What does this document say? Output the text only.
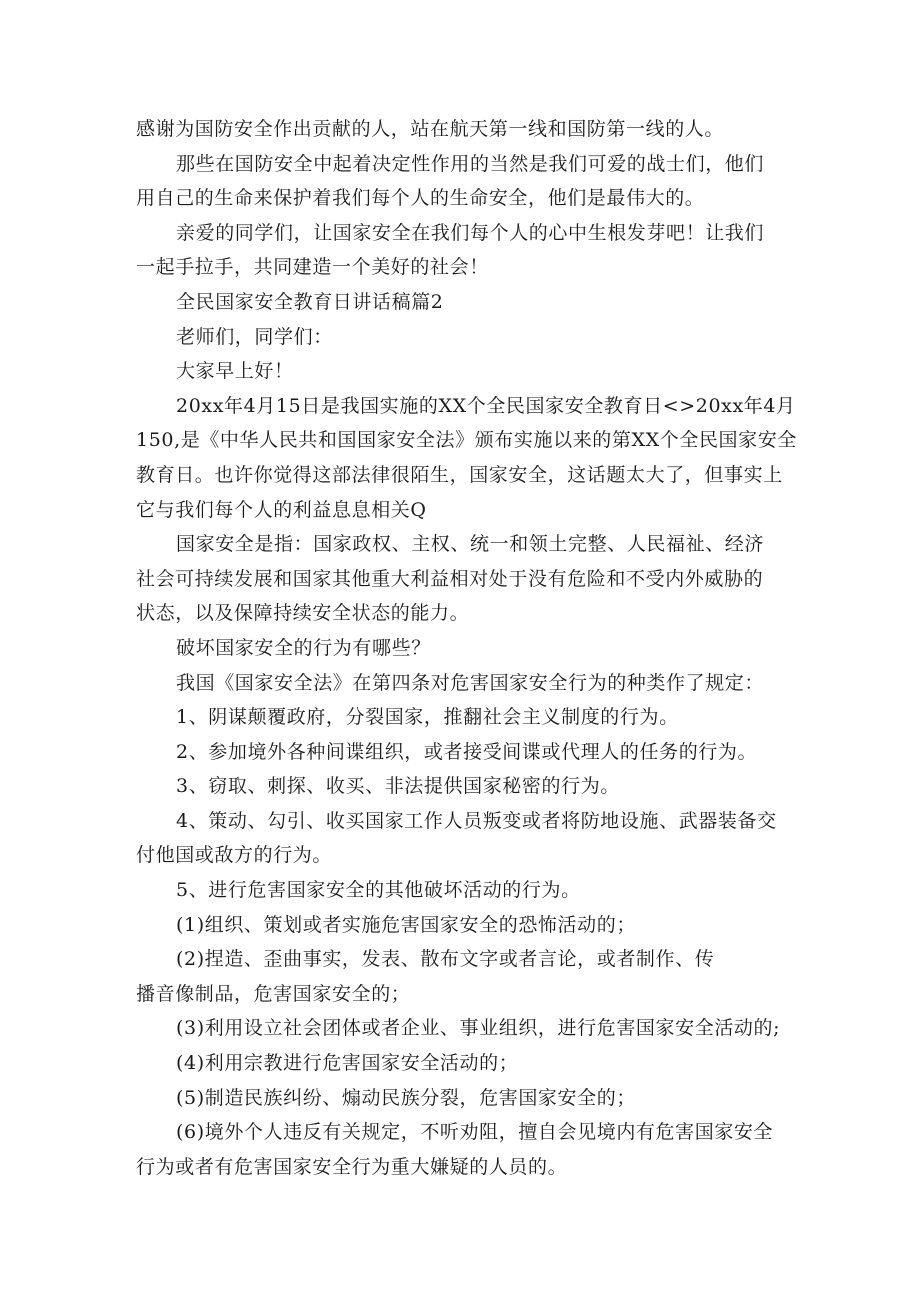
感谢为国防安全作出贡献的人，站在航天第一线和国防第一线的人。

那些在国防安全中起着决定性作用的当然是我们可爱的战士们，他们

用自己的生命来保护着我们每个人的生命安全，他们是最伟大的。

亲爱的同学们，让国家安全在我们每个人的心中生根发芽吧！让我们

一起手拉手，共同建造一个美好的社会！

全民国家安全教育日讲话稿篇2

老师们，同学们：

大家早上好！

20xx年4月15日是我国实施的XX个全民国家安全教育日<>20xx年4月

150,是《中华人民共和国国家安全法》颁布实施以来的第XX个全民国家安全

教育日。也许你觉得这部法律很陌生，国家安全，这话题太大了，但事实上

它与我们每个人的利益息息相关Q

国家安全是指：国家政权、主权、统一和领土完整、人民福祉、经济

社会可持续发展和国家其他重大利益相对处于没有危险和不受内外威胁的

状态，以及保障持续安全状态的能力。

破坏国家安全的行为有哪些？

我国《国家安全法》在第四条对危害国家安全行为的种类作了规定：

1、阴谋颠覆政府，分裂国家，推翻社会主义制度的行为。

2、参加境外各种间谍组织，或者接受间谍或代理人的任务的行为。

3、窃取、刺探、收买、非法提供国家秘密的行为。

4、策动、勾引、收买国家工作人员叛变或者将防地设施、武器装备交

付他国或敌方的行为。

5、进行危害国家安全的其他破坏活动的行为。

(1)组织、策划或者实施危害国家安全的恐怖活动的；

(2)捏造、歪曲事实，发表、散布文字或者言论，或者制作、传

播音像制品，危害国家安全的；

(3)利用设立社会团体或者企业、事业组织，进行危害国家安全活动的;

(4)利用宗教进行危害国家安全活动的；

(5)制造民族纠纷、煽动民族分裂，危害国家安全的；

(6)境外个人违反有关规定，不听劝阻，擅自会见境内有危害国家安全

行为或者有危害国家安全行为重大嫌疑的人员的。
